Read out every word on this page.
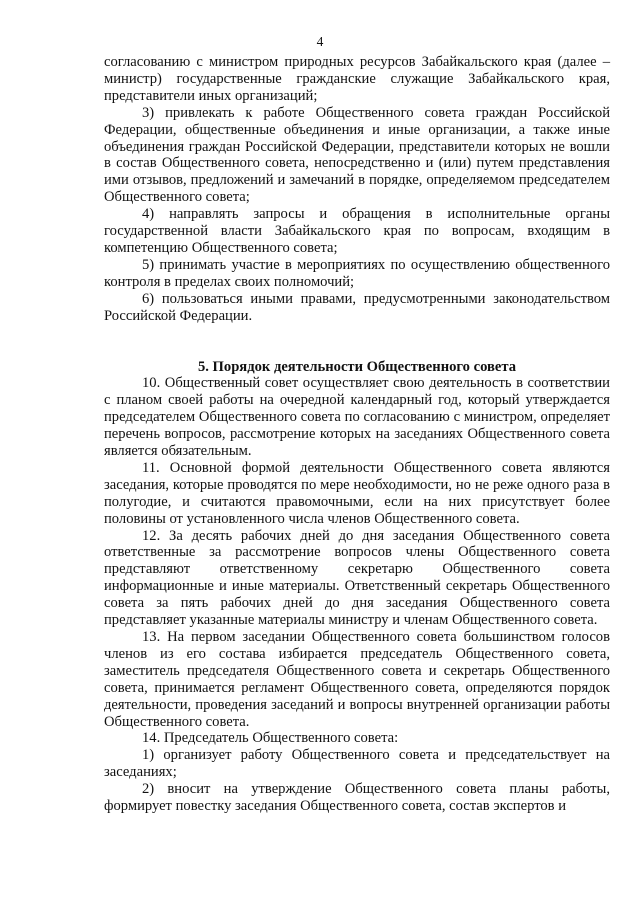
4

согласованию с министром природных ресурсов Забайкальского края (далее – министр) государственные гражданские служащие Забайкальского края, представители иных организаций;

3) привлекать к работе Общественного совета граждан Российской Федерации, общественные объединения и иные организации, а также иные объединения граждан Российской Федерации, представители которых не вошли в состав Общественного совета, непосредственно и (или) путем представления ими отзывов, предложений и замечаний в порядке, определяемом председателем Общественного совета;

4) направлять запросы и обращения в исполнительные органы государственной власти Забайкальского края по вопросам, входящим в компетенцию Общественного совета;

5) принимать участие в мероприятиях по осуществлению общественного контроля в пределах своих полномочий;

6) пользоваться иными правами, предусмотренными законодательством Российской Федерации.

5. Порядок деятельности Общественного совета

10. Общественный совет осуществляет свою деятельность в соответствии с планом своей работы на очередной календарный год, который утверждается председателем Общественного совета по согласованию с министром, определяет перечень вопросов, рассмотрение которых на заседаниях Общественного совета является обязательным.

11. Основной формой деятельности Общественного совета являются заседания, которые проводятся по мере необходимости, но не реже одного раза в полугодие, и считаются правомочными, если на них присутствует более половины от установленного числа членов Общественного совета.

12. За десять рабочих дней до дня заседания Общественного совета ответственные за рассмотрение вопросов члены Общественного совета представляют ответственному секретарю Общественного совета информационные и иные материалы. Ответственный секретарь Общественного совета за пять рабочих дней до дня заседания Общественного совета представляет указанные материалы министру и членам Общественного совета.

13. На первом заседании Общественного совета большинством голосов членов из его состава избирается председатель Общественного совета, заместитель председателя Общественного совета и секретарь Общественного совета, принимается регламент Общественного совета, определяются порядок деятельности, проведения заседаний и вопросы внутренней организации работы Общественного совета.

14. Председатель Общественного совета:

1) организует работу Общественного совета и председательствует на заседаниях;

2) вносит на утверждение Общественного совета планы работы, формирует повестку заседания Общественного совета, состав экспертов и
